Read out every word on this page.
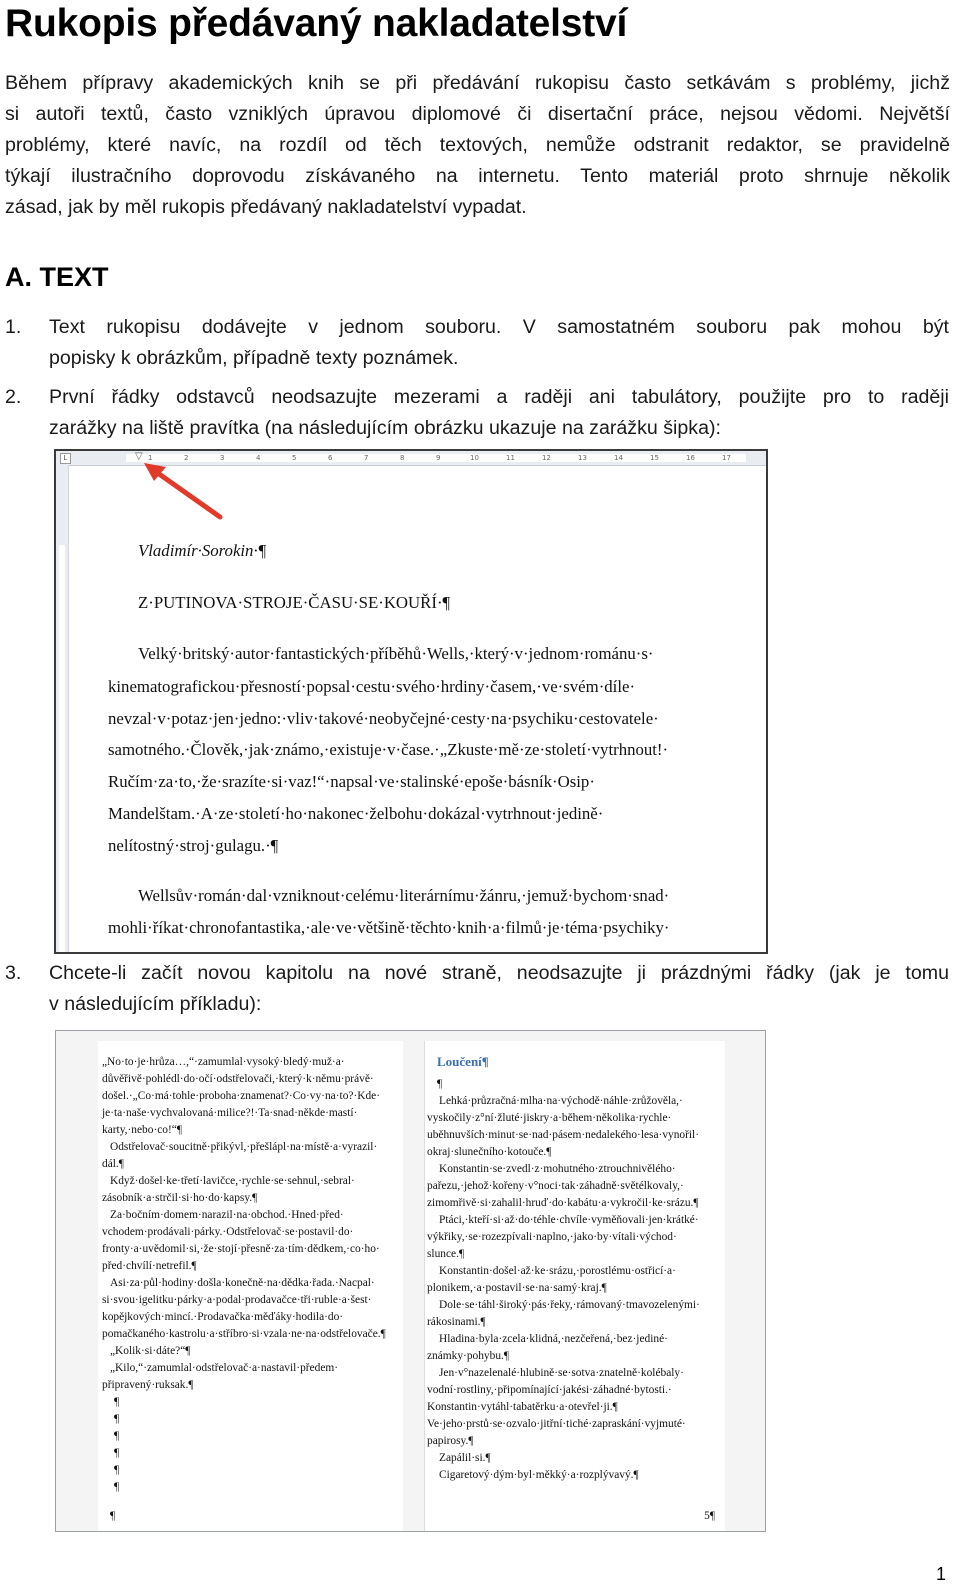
Rukopis předávaný nakladatelství
Během přípravy akademických knih se při předávání rukopisu často setkávám s problémy, jichž
si autoři textů, často vzniklých úpravou diplomové či disertační práce, nejsou vědomi. Největší
problémy, které navíc, na rozdíl od těch textových, nemůže odstranit redaktor, se pravidelně
týkají ilustračního doprovodu získávaného na internetu. Tento materiál proto shrnuje několik
zásad, jak by měl rukopis předávaný nakladatelství vypadat.
A. TEXT
1. Text rukopisu dodávejte v jednom souboru. V samostatném souboru pak mohou být
popisky k obrázkům, případně texty poznámek.
2. První řádky odstavců neodsazujte mezerami a raději ani tabulátory, použijte pro to raději
zarážky na liště pravítka (na následujícím obrázku ukazuje na zarážku šipka):
L	▽ 1	2	3	4	5	6	7	8	9	10	11	12	13	14	15	16	17
Vladimír·Sorokin·¶
Z·PUTINOVA·STROJE·ČASU·SE·KOUŘÍ·¶
Velký·britský·autor·fantastických·příběhů·Wells,·který·v·jednom·románu·s·
kinematografickou·přesností·popsal·cestu·svého·hrdiny·časem,·ve·svém·díle·
nevzal·v·potaz·jen·jedno:·vliv·takové·neobyčejné·cesty·na·psychiku·cestovatele·
samotného.·Člověk,·jak·známo,·existuje·v·čase.·„Zkuste·mě·ze·století·vytrhnout!·
Ručím·za·to,·že·srazíte·si·vaz!“·napsal·ve·stalinské·epoše·básník·Osip·
Mandelštam.·A·ze·století·ho·nakonec·želbohu·dokázal·vytrhnout·jedině·
nelítostný·stroj·gulagu.·¶
Wellsův·román·dal·vzniknout·celému·literárnímu·žánru,·jemuž·bychom·snad·
mohli·říkat·chronofantastika,·ale·ve·většině·těchto·knih·a·filmů·je·téma·psychiky·
3. Chcete-li začít novou kapitolu na nové straně, neodsazujte ji prázdnými řádky (jak je tomu
v následujícím příkladu):
¶
„No·to·je·hrůza…,“·zamumlal·vysoký·bledý·muž·a·
důvěřivě·pohlédl·do·očí·odstřelovači,·který·k·němu·právě·
došel.·„Co·má·tohle·proboha·znamenat?·Co·vy·na·to?·Kde·
je·ta·naše·vychvalovaná·milice?!·Ta·snad·někde·mastí·
karty,·nebo·co!“¶
Odstřelovač·soucitně·přikývl,·přešlápl·na·místě·a·vyrazil·
dál.¶
Když·došel·ke·třetí·lavičce,·rychle·se·sehnul,·sebral·
zásobník·a·strčil·si·ho·do·kapsy.¶
Za·bočním·domem·narazil·na·obchod.·Hned·před·
vchodem·prodávali·párky.·Odstřelovač·se·postavil·do·
fronty·a·uvědomil·si,·že·stojí·přesně·za·tím·dědkem,·co·ho·
před·chvílí·netrefil.¶
Asi·za·půl·hodiny·došla·konečně·na·dědka·řada.·Nacpal·
si·svou·igelitku·párky·a·podal·prodavačce·tři·ruble·a·šest·
kopějkových·mincí.·Prodavačka·měďáky·hodila·do·
pomačkaného·kastrolu·a·stříbro·si·vzala·ne·na·odstřelovače.¶
„Kolik·si·dáte?“¶
„Kilo,“·zamumlal·odstřelovač·a·nastavil·předem·
připravený·ruksak.¶
¶
¶
¶
¶
¶
¶
Loučení¶
5¶
¶
Lehká·průzračná·mlha·na·východě·náhle·zrůžověla,·
vyskočily·z°ní·žluté·jiskry·a·během·několika·rychle·
uběhnuvších·minut·se·nad·pásem·nedalekého·lesa·vynořil·
okraj·slunečního·kotouče.¶
Konstantin·se·zvedl·z·mohutného·ztrouchnivělého·
pařezu,·jehož·kořeny·v°noci·tak·záhadně·světélkovaly,·
zimomřivě·si·zahalil·hruď·do·kabátu·a·vykročil·ke·srázu.¶
Ptáci,·kteří·si·až·do·téhle·chvíle·vyměňovali·jen·krátké·
výkřiky,·se·rozezpívali·naplno,·jako·by·vítali·východ·
slunce.¶
Konstantin·došel·až·ke·srázu,·porostlému·ostřicí·a·
plonikem,·a·postavil·se·na·samý·kraj.¶
Dole·se·táhl·široký·pás·řeky,·rámovaný·tmavozelenými·
rákosinami.¶
Hladina·byla·zcela·klidná,·nezčeřená,·bez·jediné·
známky·pohybu.¶
Jen·v°nazelenalé·hlubině·se·sotva·znatelně·kolébaly·
vodní·rostliny,·připomínající·jakési·záhadné·bytosti.·
Konstantin·vytáhl·tabatěrku·a·otevřel·ji.¶
Ve·jeho·prstů·se·ozvalo·jitřní·tiché·zapraskání·vyjmuté·
papirosy.¶
Zapálil·si.¶
Cigaretový·dým·byl·měkký·a·rozplývavý.¶
1
